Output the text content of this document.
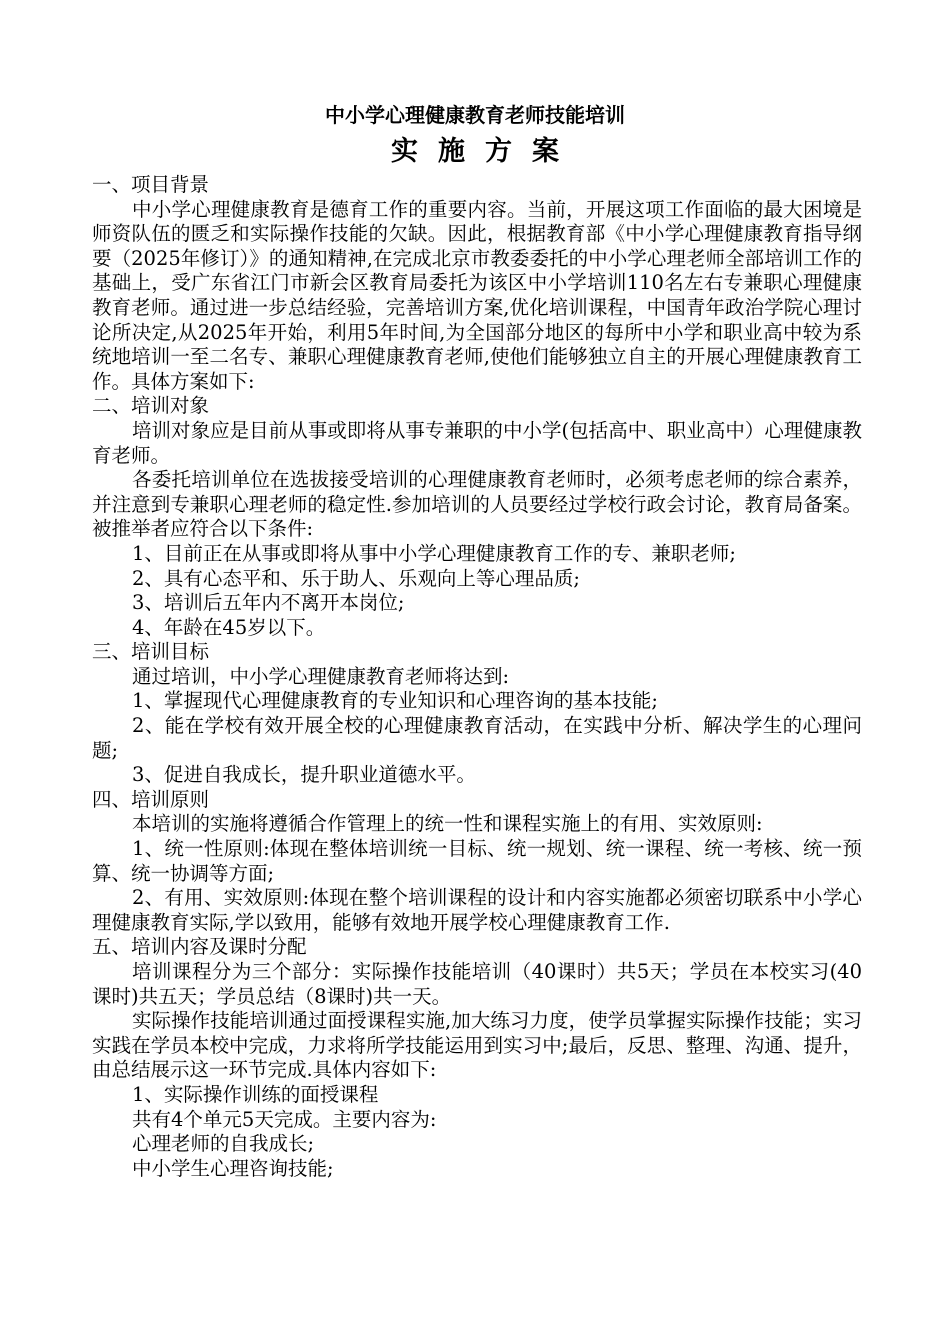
中小学心理健康教育老师技能培训
实施方案

一、项目背景

中小学心理健康教育是德育工作的重要内容。当前，开展这项工作面临的最大困境是师资队伍的匮乏和实际操作技能的欠缺。因此，根据教育部《中小学心理健康教育指导纲要（2025年修订）》的通知精神,在完成北京市教委委托的中小学心理老师全部培训工作的基础上，受广东省江门市新会区教育局委托为该区中小学培训110名左右专兼职心理健康教育老师。通过进一步总结经验，完善培训方案,优化培训课程，中国青年政治学院心理讨论所决定,从2025年开始，利用5年时间,为全国部分地区的每所中小学和职业高中较为系统地培训一至二名专、兼职心理健康教育老师,使他们能够独立自主的开展心理健康教育工作。具体方案如下:

二、培训对象

培训对象应是目前从事或即将从事专兼职的中小学(包括高中、职业高中）心理健康教育老师。

各委托培训单位在选拔接受培训的心理健康教育老师时，必须考虑老师的综合素养，并注意到专兼职心理老师的稳定性.参加培训的人员要经过学校行政会讨论，教育局备案。被推举者应符合以下条件:

1、目前正在从事或即将从事中小学心理健康教育工作的专、兼职老师;

2、具有心态平和、乐于助人、乐观向上等心理品质;

3、培训后五年内不离开本岗位;

4、年龄在45岁以下。

三、培训目标

通过培训，中小学心理健康教育老师将达到:

1、掌握现代心理健康教育的专业知识和心理咨询的基本技能;

2、能在学校有效开展全校的心理健康教育活动，在实践中分析、解决学生的心理问题;

3、促进自我成长，提升职业道德水平。

四、培训原则

本培训的实施将遵循合作管理上的统一性和课程实施上的有用、实效原则:

1、统一性原则:体现在整体培训统一目标、统一规划、统一课程、统一考核、统一预算、统一协调等方面;

2、有用、实效原则:体现在整个培训课程的设计和内容实施都必须密切联系中小学心理健康教育实际,学以致用，能够有效地开展学校心理健康教育工作.

五、培训内容及课时分配

培训课程分为三个部分：实际操作技能培训（40课时）共5天；学员在本校实习(40课时)共五天；学员总结（8课时)共一天。

实际操作技能培训通过面授课程实施,加大练习力度，使学员掌握实际操作技能；实习实践在学员本校中完成，力求将所学技能运用到实习中;最后，反思、整理、沟通、提升，由总结展示这一环节完成.具体内容如下:

1、实际操作训练的面授课程

共有4个单元5天完成。主要内容为:

心理老师的自我成长;

中小学生心理咨询技能;
